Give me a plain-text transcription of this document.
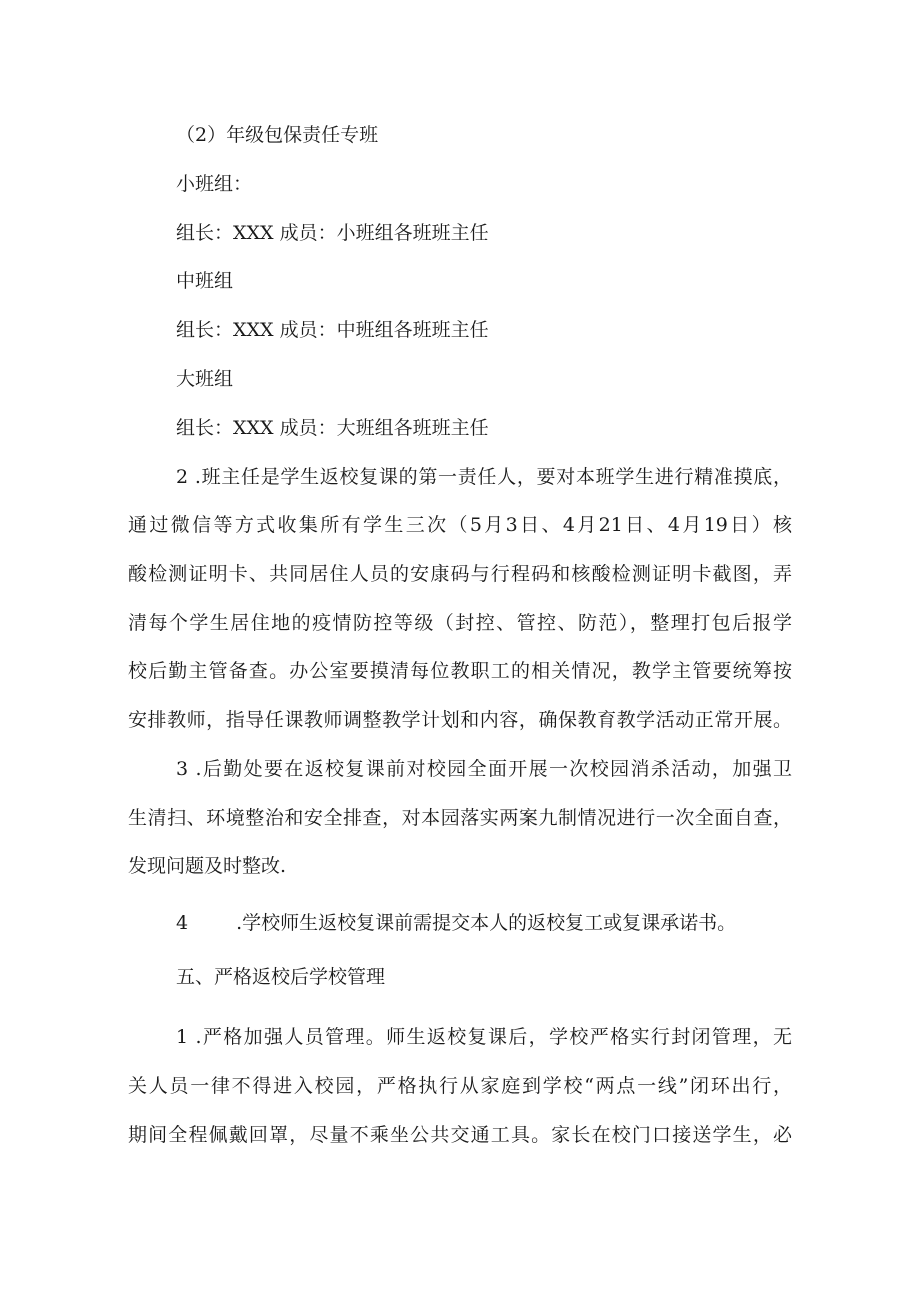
（2）年级包保责任专班
小班组：
组长：XXX 成员：小班组各班班主任
中班组
组长：XXX 成员：中班组各班班主任
大班组
组长：XXX 成员：大班组各班班主任
2 .班主任是学生返校复课的第一责任人，要对本班学生进行精准摸底，
通过微信等方式收集所有学生三次（5月3日、4月21日、4月19日）核
酸检测证明卡、共同居住人员的安康码与行程码和核酸检测证明卡截图，弄
清每个学生居住地的疫情防控等级（封控、管控、防范），整理打包后报学
校后勤主管备查。办公室要摸清每位教职工的相关情况，教学主管要统筹按
安排教师，指导任课教师调整教学计划和内容，确保教育教学活动正常开展。
3 .后勤处要在返校复课前对校园全面开展一次校园消杀活动，加强卫
生清扫、环境整治和安全排查，对本园落实两案九制情况进行一次全面自查，
发现问题及时整改.
4	.学校师生返校复课前需提交本人的返校复工或复课承诺书。
五、严格返校后学校管理
1 .严格加强人员管理。师生返校复课后，学校严格实行封闭管理，无
关人员一律不得进入校园，严格执行从家庭到学校“两点一线”闭环出行，
期间全程佩戴回罩，尽量不乘坐公共交通工具。家长在校门口接送学生，必
